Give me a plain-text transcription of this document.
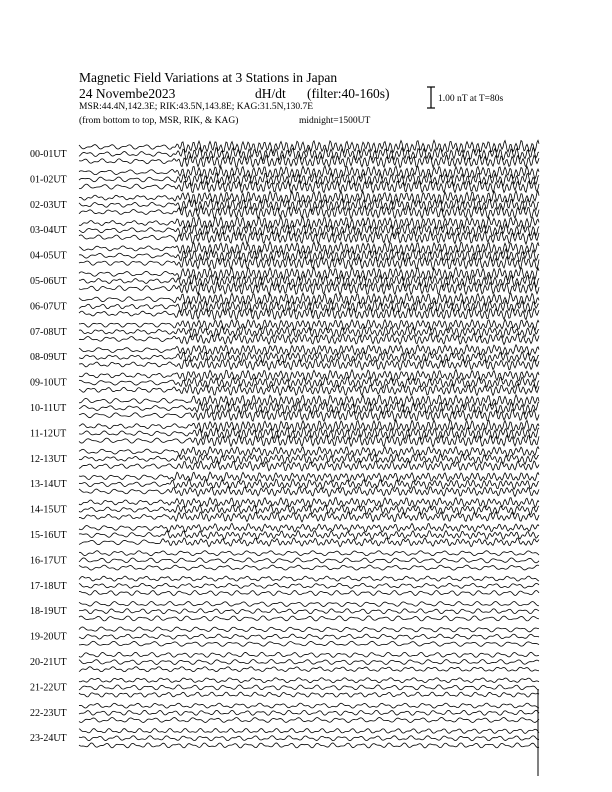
Magnetic Field Variations at 3 Stations in Japan
24 Novembe2023	dH/dt (filter:40-160s)
MSR:44.4N,142.3E; RIK:43.5N,143.8E; KAG:31.5N,130.7E
(from bottom to top, MSR, RIK, & KAG)	midnight=1500UT
1.00 nT at T=80s
00-01UT
01-02UT
02-03UT
03-04UT
04-05UT
05-06UT
06-07UT
07-08UT
08-09UT
09-10UT
10-11UT
11-12UT
12-13UT
13-14UT
14-15UT
15-16UT
16-17UT
17-18UT
18-19UT
19-20UT
20-21UT
21-22UT
22-23UT
23-24UT
